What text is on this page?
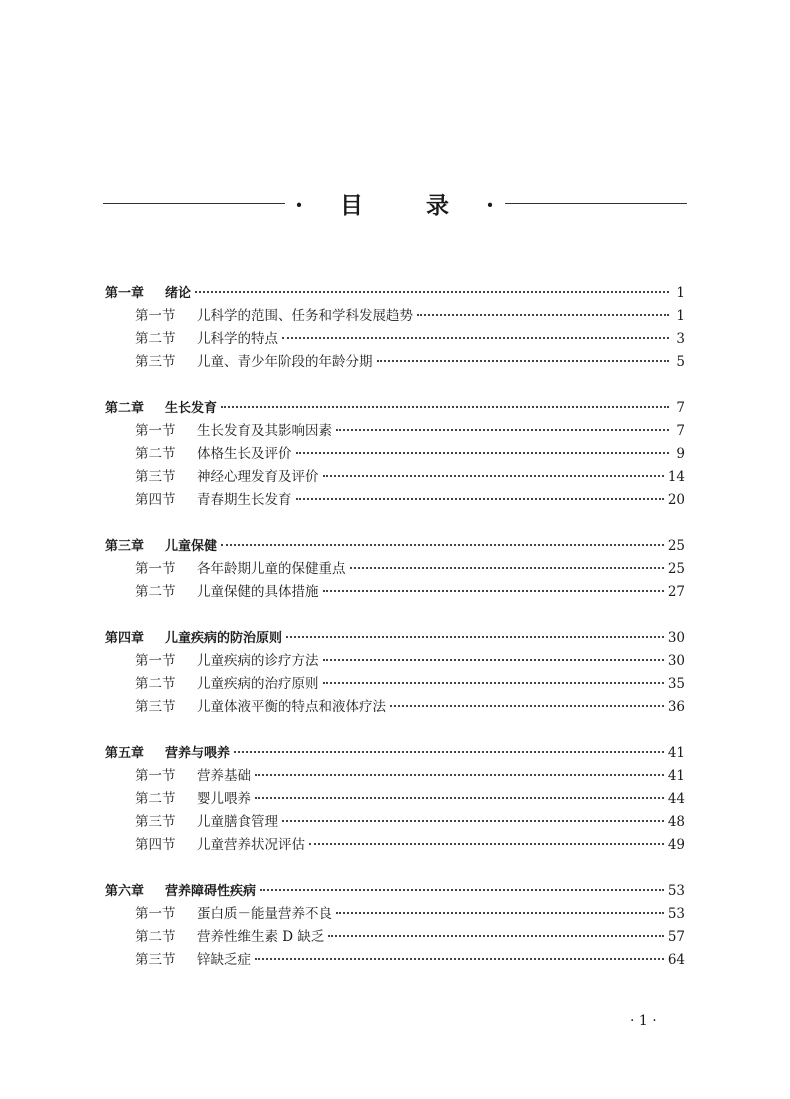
· 目	录 ·
第一章 绪论	1
第一节 儿科学的范围、任务和学科发展趋势	1
第二节 儿科学的特点	3
第三节 儿童、青少年阶段的年龄分期	5
第二章 生长发育	7
第一节 生长发育及其影响因素	7
第二节 体格生长及评价	9
第三节 神经心理发育及评价	14
第四节 青春期生长发育	20
第三章 儿童保健	25
第一节 各年龄期儿童的保健重点	25
第二节 儿童保健的具体措施	27
第四章 儿童疾病的防治原则	30
第一节 儿童疾病的诊疗方法	30
第二节 儿童疾病的治疗原则	35
第三节 儿童体液平衡的特点和液体疗法	36
第五章 营养与喂养	41
第一节 营养基础	41
第二节 婴儿喂养	44
第三节 儿童膳食管理	48
第四节 儿童营养状况评估	49
第六章 营养障碍性疾病	53
第一节 蛋白质－能量营养不良	53
第二节 营养性维生素 D 缺乏	57
第三节 锌缺乏症	64
· 1 ·
